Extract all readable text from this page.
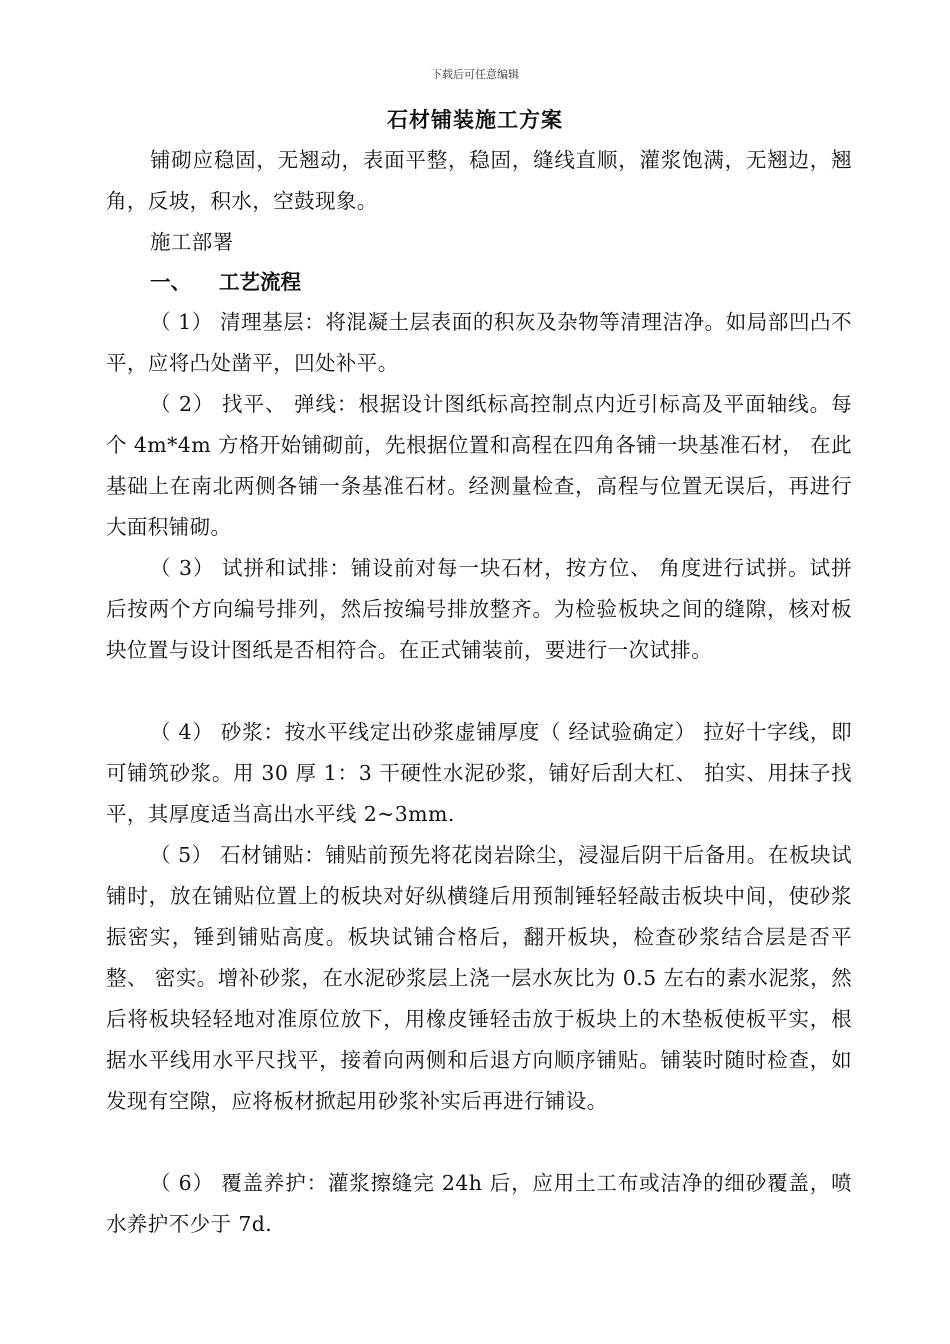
下载后可任意编辑
石材铺装施工方案

铺砌应稳固，无翘动，表面平整，稳固，缝线直顺，灌浆饱满，无翘边，翘角，反坡，积水，空鼓现象。

施工部署

一、 工艺流程

（ 1） 清理基层：将混凝土层表面的积灰及杂物等清理洁净。如局部凹凸不平，应将凸处凿平，凹处补平。

（ 2） 找平、 弹线：根据设计图纸标高控制点内近引标高及平面轴线。每个 4m*4m 方格开始铺砌前，先根据位置和高程在四角各铺一块基准石材， 在此基础上在南北两侧各铺一条基准石材。经测量检查，高程与位置无误后，再进行大面积铺砌。

（ 3） 试拼和试排：铺设前对每一块石材，按方位、 角度进行试拼。试拼后按两个方向编号排列，然后按编号排放整齐。为检验板块之间的缝隙，核对板块位置与设计图纸是否相符合。在正式铺装前，要进行一次试排。

（ 4） 砂浆：按水平线定出砂浆虚铺厚度（ 经试验确定） 拉好十字线，即可铺筑砂浆。用 30 厚 1：3 干硬性水泥砂浆，铺好后刮大杠、 拍实、用抹子找平，其厚度适当高出水平线 2~3mm.

（ 5） 石材铺贴：铺贴前预先将花岗岩除尘，浸湿后阴干后备用。在板块试铺时，放在铺贴位置上的板块对好纵横缝后用预制锤轻轻敲击板块中间，使砂浆振密实，锤到铺贴高度。板块试铺合格后，翻开板块，检查砂浆结合层是否平整、 密实。增补砂浆，在水泥砂浆层上浇一层水灰比为 0.5 左右的素水泥浆，然后将板块轻轻地对准原位放下，用橡皮锤轻击放于板块上的木垫板使板平实，根据水平线用水平尺找平，接着向两侧和后退方向顺序铺贴。铺装时随时检查，如发现有空隙，应将板材掀起用砂浆补实后再进行铺设。

（ 6） 覆盖养护：灌浆擦缝完 24h 后，应用土工布或洁净的细砂覆盖，喷水养护不少于 7d.
